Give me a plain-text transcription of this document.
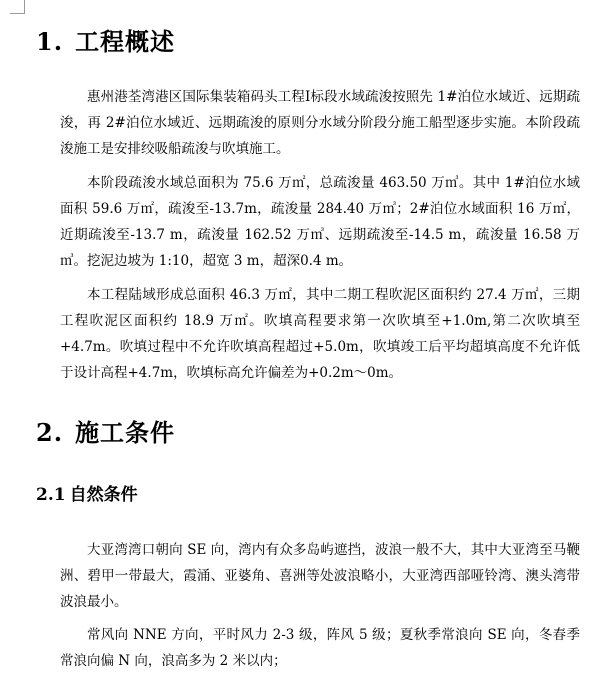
1. 工程概述

惠州港荃湾港区国际集装箱码头工程Ⅰ标段水域疏浚按照先 1#泊位水域近、远期疏浚，再 2#泊位水域近、远期疏浚的原则分水域分阶段分施工船型逐步实施。本阶段疏浚施工是安排绞吸船疏浚与吹填施工。

本阶段疏浚水域总面积为 75.6 万㎡，总疏浚量 463.50 万㎥。其中 1#泊位水域面积 59.6 万㎡，疏浚至-13.7m，疏浚量 284.40 万㎥；2#泊位水域面积 16 万㎡，近期疏浚至-13.7 m，疏浚量 162.52 万㎥、远期疏浚至-14.5 m，疏浚量 16.58 万㎥。挖泥边坡为 1:10，超宽 3 m，超深0.4 m。

本工程陆域形成总面积 46.3 万㎡，其中二期工程吹泥区面积约 27.4 万㎡，三期工程吹泥区面积约 18.9 万㎡。吹填高程要求第一次吹填至+1.0m,第二次吹填至+4.7m。吹填过程中不允许吹填高程超过+5.0m，吹填竣工后平均超填高度不允许低于设计高程+4.7m，吹填标高允许偏差为+0.2m～0m。

2. 施工条件
2.1 自然条件

大亚湾湾口朝向 SE 向，湾内有众多岛屿遮挡，波浪一般不大，其中大亚湾至马鞭洲、碧甲一带最大，霞涌、亚婆角、喜洲等处波浪略小，大亚湾西部哑铃湾、澳头湾带波浪最小。

常风向 NNE 方向，平时风力 2-3 级，阵风 5 级；夏秋季常浪向 SE 向，冬春季常浪向偏 N 向，浪高多为 2 米以内；
